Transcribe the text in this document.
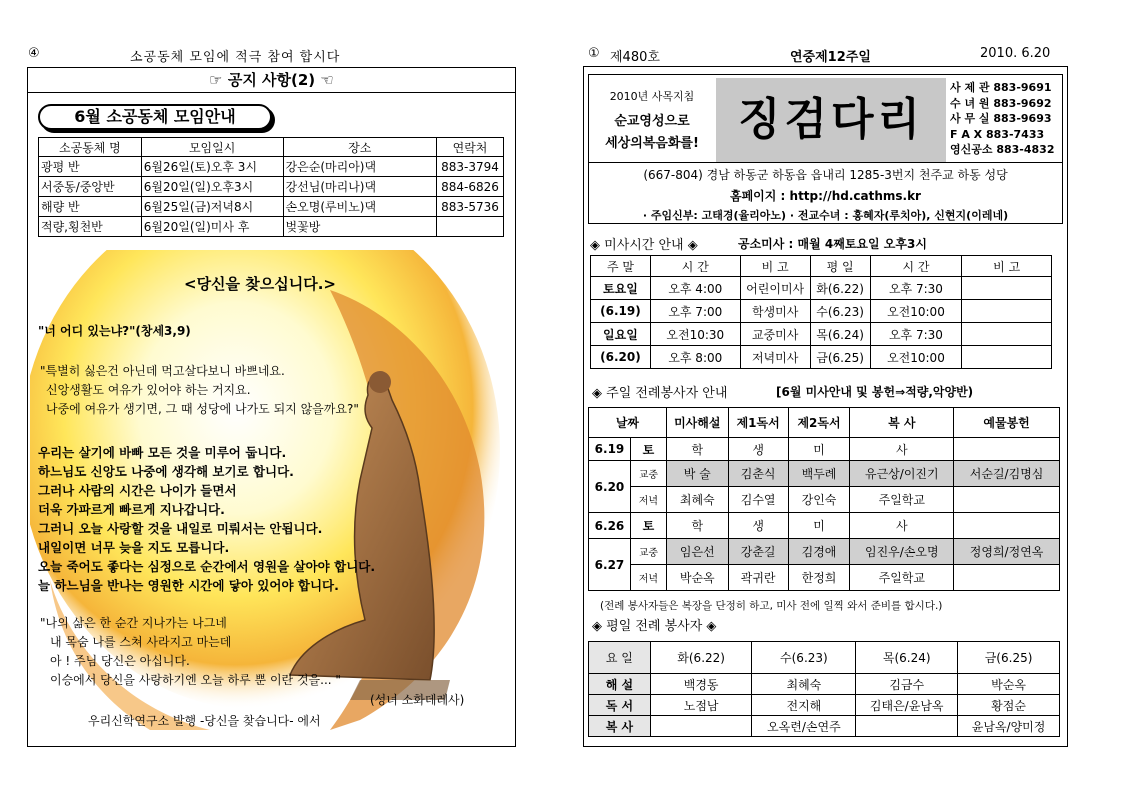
④	소공동체 모임에 적극 참여 합시다
☞ 공지 사항(2) ☜
6월 소공동체 모임안내
소공동체 명	모임일시	장소	연락처
광평 반	6월26일(토)오후 3시	강은순(마리아)댁	883-3794
서중동/중앙반	6월20일(일)오후3시	강선님(마리나)댁	884-6826
해량 반	6월25일(금)저녁8시	손오명(루비노)댁	883-5736
적량,횡천반	6월20일(일)미사 후	벚꽃방	
<당신을 찾으십니다.>
"너 어디 있는냐?"(창세3,9)
"특별히 싫은건 아닌데 먹고살다보니 바쁘네요.
신앙생활도 여유가 있어야 하는 거지요.
나중에 여유가 생기면, 그 때 성당에 나가도 되지 않을까요?"
우리는 살기에 바빠 모든 것을 미루어 둡니다.
하느님도 신앙도 나중에 생각해 보기로 합니다.
그러나 사람의 시간은 나이가 들면서
더욱 가파르게 빠르게 지나갑니다.
그러니 오늘 사랑할 것을 내일로 미뤄서는 안됩니다.
내일이면 너무 늦을 지도 모릅니다.
오늘 죽어도 좋다는 심정으로 순간에서 영원을 살아야 합니다.
늘 하느님을 반나는 영원한 시간에 닿아 있어야 합니다.
"나의 삶은 한 순간 지나가는 나그네
내 목숨 나를 스쳐 사라지고 마는데
아 ! 주님 당신은 아십니다.
이승에서 당신을 사랑하기엔 오늘 하루 뿐 이란 것을... "
(성녀 소화데레사)
우리신학연구소 발행 -당신을 찾습니다- 에서
① 제480호	연중제12주일	2010. 6.20
2010년 사목지침
순교영성으로
세상의복음화를! 징검다리
사 제 관 883-9691
수 녀 원 883-9692
사 무 실 883-9693
F A X 883-7433
영신공소 883-4832
(667-804) 경남 하동군 하동읍 읍내리 1285-3번지 천주교 하동 성당
홈페이지 : http://hd.cathms.kr
· 주임신부: 고태경(율리아노) · 전교수녀 : 홍혜자(루치아), 신현지(이레네)
◈ 미사시간 안내 ◈	공소미사 : 매월 4째토요일 오후3시
주 말	시 간	비 고	평 일	시 간	비 고
토요일	오후 4:00	어린이미사	화(6.22)	오후 7:30	
(6.19)	오후 7:00	학생미사	수(6.23)	오전10:00	
일요일	오전10:30	교중미사	목(6.24)	오후 7:30	
(6.20)	오후 8:00	저녁미사	금(6.25)	오전10:00	
◈ 주일 전례봉사자 안내	[6월 미사안내 및 봉헌⇒적량,악양반)
날짜		미사해설	제1독서	제2독서	복 사	예물봉헌
6.19	토	학	생	미	사	
6.20	교중	박 술	김춘식	백두례	유근상/이진기	서순길/김명심
	저녁	최혜숙	김수열	강인숙	주일학교	
6.26	토	학	생	미	사	
6.27	교중	임은선	강춘길	김경애	임진우/손오명	정영희/정연옥
	저녁	박순옥	곽귀란	한정희	주일학교	
(전례 봉사자들은 복장을 단정히 하고, 미사 전에 일찍 와서 준비를 합시다.)
◈ 평일 전례 봉사자 ◈
요 일	화(6.22)	수(6.23)	목(6.24)	금(6.25)
해 설	백경동	최혜숙	김금수	박순옥
독 서	노점남	전지해	김태은/윤남옥	황점순
복 사		오옥련/손연주		윤남옥/양미정
